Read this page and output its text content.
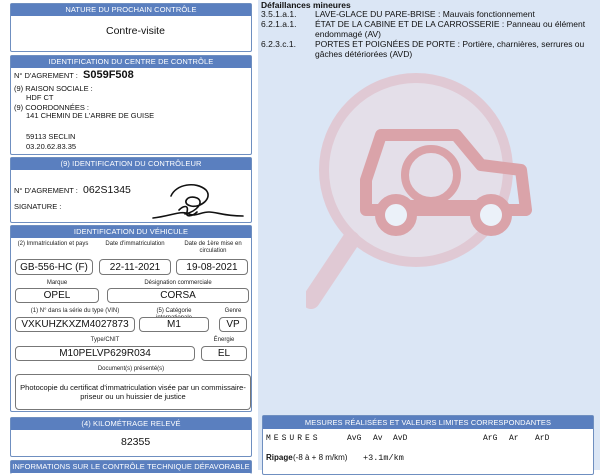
NATURE DU PROCHAIN CONTRÔLE
Contre-visite
IDENTIFICATION DU CENTRE DE CONTRÔLE
N° D'AGREMENT : S059F508
(9) RAISON SOCIALE :
HDF CT
(9) COORDONNÉES :
141 CHEMIN DE L'ARBRE DE GUISE
59113 SECLIN
03.20.62.83.35
(9) IDENTIFICATION DU CONTRÔLEUR
N° D'AGREMENT : 062S1345
SIGNATURE :
IDENTIFICATION DU VÉHICULE
(2) Immatriculation et pays	Date d'immatriculation	Date de 1ère mise en circulation
GB-556-HC (F)	22-11-2021	19-08-2021
Marque	Désignation commerciale
OPEL	CORSA
(1) N° dans la série du type (VIN)	(5) Catégorie	Genre
VXKUHZKXZM4027873	M1	VP
Type/CNIT	Énergie
M10PELVP629R034	EL
Document(s) présenté(s)
Photocopie du certificat d'immatriculation visée par un commissaire-priseur ou un huissier de justice
(4) KILOMÉTRAGE RELEVÉ
82355
INFORMATIONS SUR LE CONTRÔLE TECHNIQUE DÉFAVORABLE
Défaillances mineures
3.5.1.a.1.	LAVE-GLACE DU PARE-BRISE : Mauvais fonctionnement
6.2.1.a.1.	ÉTAT DE LA CABINE ET DE LA CARROSSERIE : Panneau ou élément endommagé (AV)
6.2.3.c.1.	PORTES ET POIGNÉES DE PORTE : Portière, charnières, serrures ou gâches détériorées (AVD)
MESURES RÉALISÉES ET VALEURS LIMITES CORRESPONDANTES
MESURES	AvG Av AvD	ArG Ar ArD
Ripage (-8 à + 8 m/km) +3.1m/km
